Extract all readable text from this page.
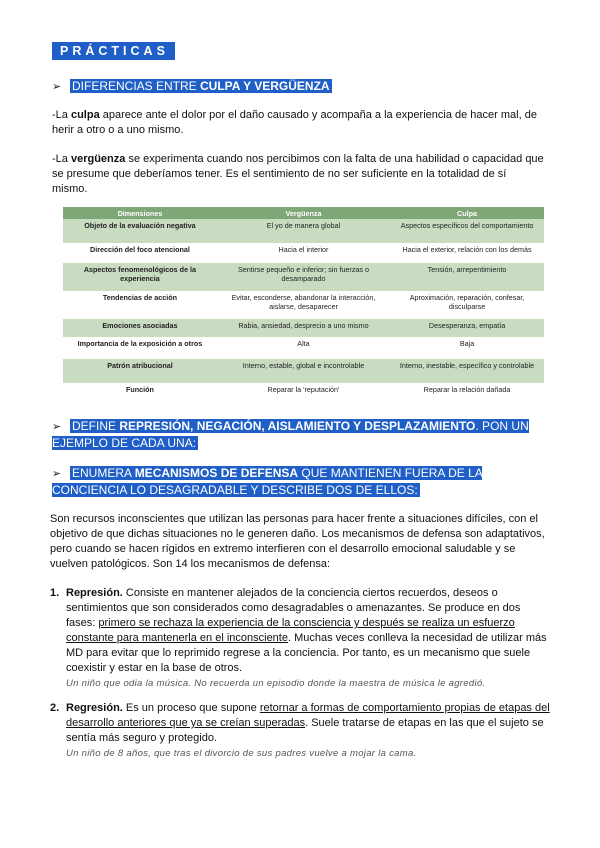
PRÁCTICAS
➢ DIFERENCIAS ENTRE CULPA Y VERGÜENZA
-La culpa aparece ante el dolor por el daño causado y acompaña a la experiencia de hacer mal, de herir a otro o a uno mismo.
-La vergüenza se experimenta cuando nos percibimos con la falta de una habilidad o capacidad que se presume que deberíamos tener. Es el sentimiento de no ser suficiente en la totalidad de sí mismo.
Dimensiones	Vergüenza	Culpa
Objeto de la evaluación negativa	El yo de manera global	Aspectos específicos del comportamiento
Dirección del foco atencional	Hacia el interior	Hacia el exterior, relación con los demás
Aspectos fenomenológicos de la experiencia	Sentirse pequeño e inferior; sin fuerzas o desamparado	Tensión, arrepentimiento
Tendencias de acción	Evitar, esconderse, abandonar la interacción, aislarse, desaparecer	Aproximación, reparación, confesar, disculparse
Emociones asociadas	Rabia, ansiedad, desprecio a uno mismo	Desesperanza, empatía
Importancia de la exposición a otros	Alta	Baja
Patrón atribucional	Interno, estable, global e incontrolable	Interno, inestable, específico y controlable
Función	Reparar la 'reputación'	Reparar la relación dañada
➢ DEFINE REPRESIÓN, NEGACIÓN, AISLAMIENTO Y DESPLAZAMIENTO. PON UN EJEMPLO DE CADA UNA:
➢ ENUMERA MECANISMOS DE DEFENSA QUE MANTIENEN FUERA DE LA CONCIENCIA LO DESAGRADABLE Y DESCRIBE DOS DE ELLOS:
Son recursos inconscientes que utilizan las personas para hacer frente a situaciones difíciles, con el objetivo de que dichas situaciones no le generen daño. Los mecanismos de defensa son adaptativos, pero cuando se hacen rígidos en extremo interfieren con el desarrollo emocional saludable y se vuelven patológicos. Son 14 los mecanismos de defensa:
1. Represión. Consiste en mantener alejados de la conciencia ciertos recuerdos, deseos o sentimientos que son considerados como desagradables o amenazantes. Se produce en dos fases: primero se rechaza la experiencia de la consciencia y después se realiza un esfuerzo constante para mantenerla en el inconsciente. Muchas veces conlleva la necesidad de utilizar más MD para evitar que lo reprimido regrese a la conciencia. Por tanto, es un mecanismo que suele coexistir y estar en la base de otros.
Un niño que odia la música. No recuerda un episodio donde la maestra de música le agredió.
2. Regresión. Es un proceso que supone retornar a formas de comportamiento propias de etapas del desarrollo anteriores que ya se creían superadas. Suele tratarse de etapas en las que el sujeto se sentía más seguro y protegido.
Un niño de 8 años, que tras el divorcio de sus padres vuelve a mojar la cama.
